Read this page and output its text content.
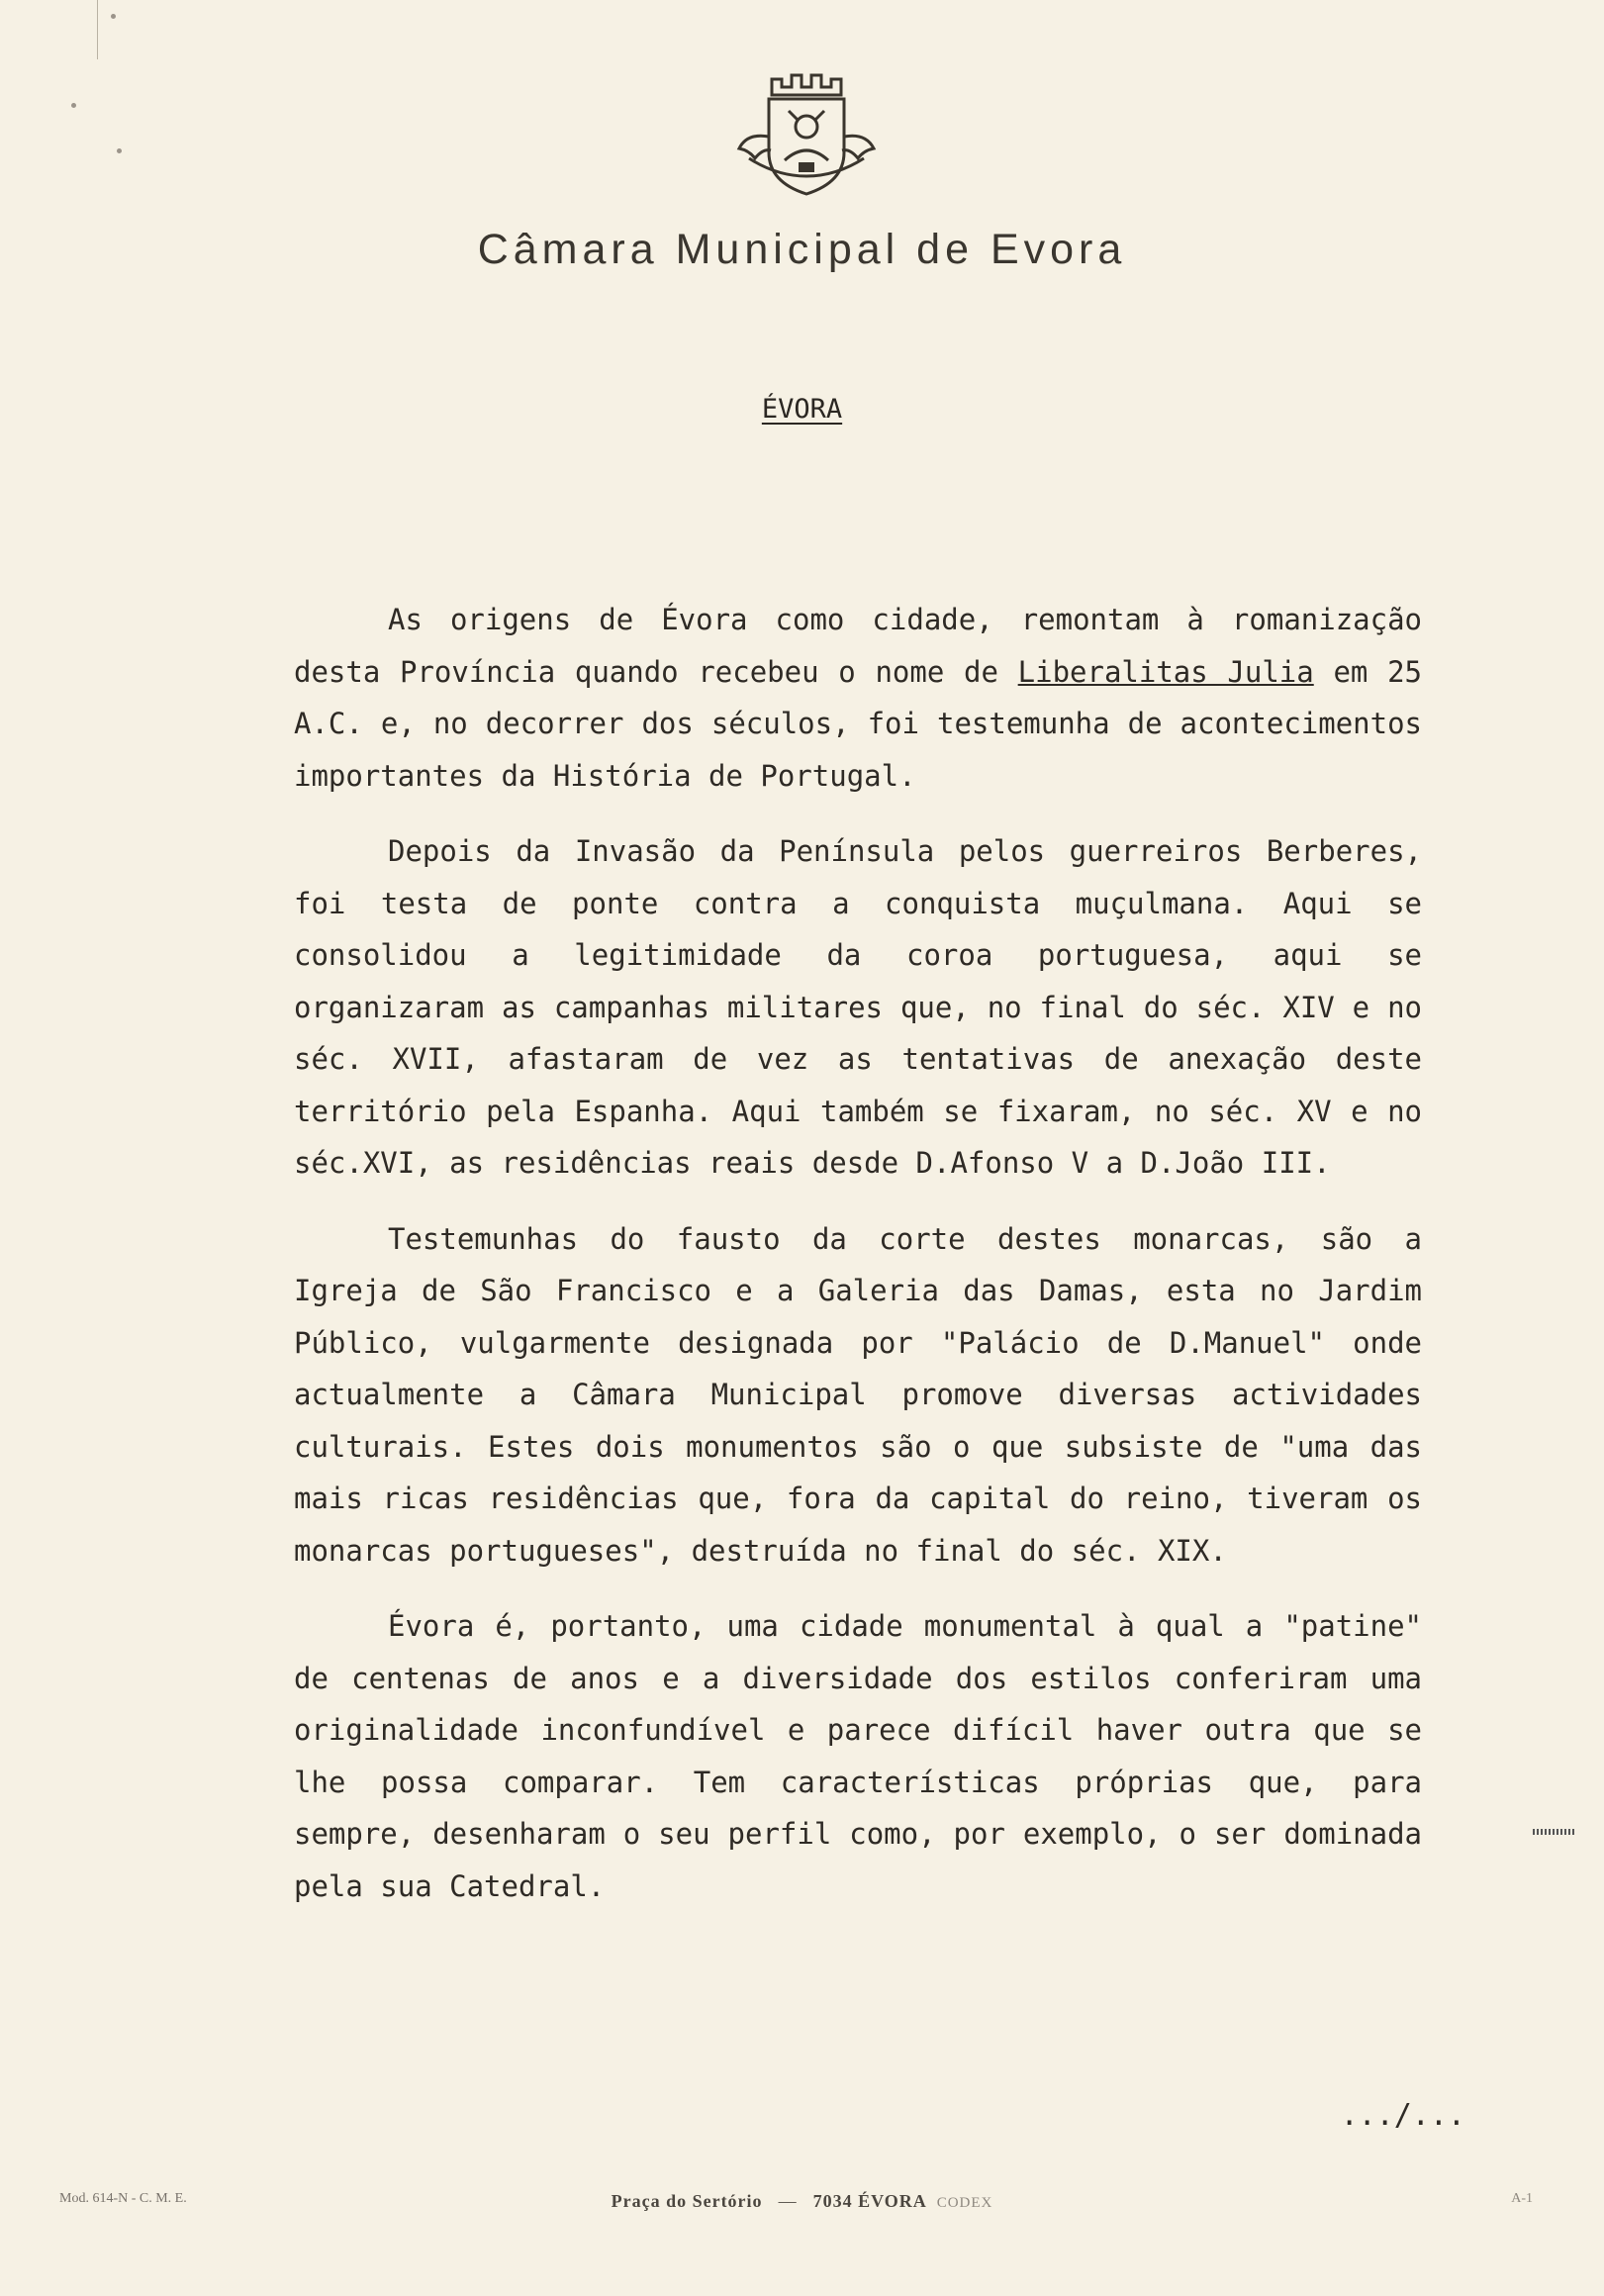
Câmara Municipal de Evora
ÉVORA

As origens de Évora como cidade, remontam à romanização desta Província quando recebeu o nome de Liberalitas Julia em 25 A.C. e, no decorrer dos séculos, foi testemunha de acontecimentos importantes da História de Portugal.

Depois da Invasão da Península pelos guerreiros Berberes, foi testa de ponte contra a conquista muçulmana. Aqui se consolidou a legitimidade da coroa portuguesa, aqui se organizaram as campanhas militares que, no final do séc. XIV e no séc. XVII, afastaram de vez as tentativas de anexação deste território pela Espanha. Aqui também se fixaram, no séc. XV e no séc.XVI, as residências reais desde D.Afonso V a D.João III.

Testemunhas do fausto da corte destes monarcas, são a Igreja de São Francisco e a Galeria das Damas, esta no Jardim Público, vulgarmente designada por "Palácio de D.Manuel" onde actualmente a Câmara Municipal promove diversas actividades culturais. Estes dois monumentos são o que subsiste de "uma das mais ricas residências que, fora da capital do reino, tiveram os monarcas portugueses", destruída no final do séc. XIX.

Évora é, portanto, uma cidade monumental à qual a "patine" de centenas de anos e a diversidade dos estilos conferiram uma originalidade inconfundível e parece difícil haver outra que se lhe possa comparar. Tem características próprias que, para sempre, desenharam o seu perfil como, por exemplo, o ser dominada pela sua Catedral.

.../...
Mod. 614-N - C. M. E.	Praça do Sertório — 7034 ÉVORA CODEX	A-1
